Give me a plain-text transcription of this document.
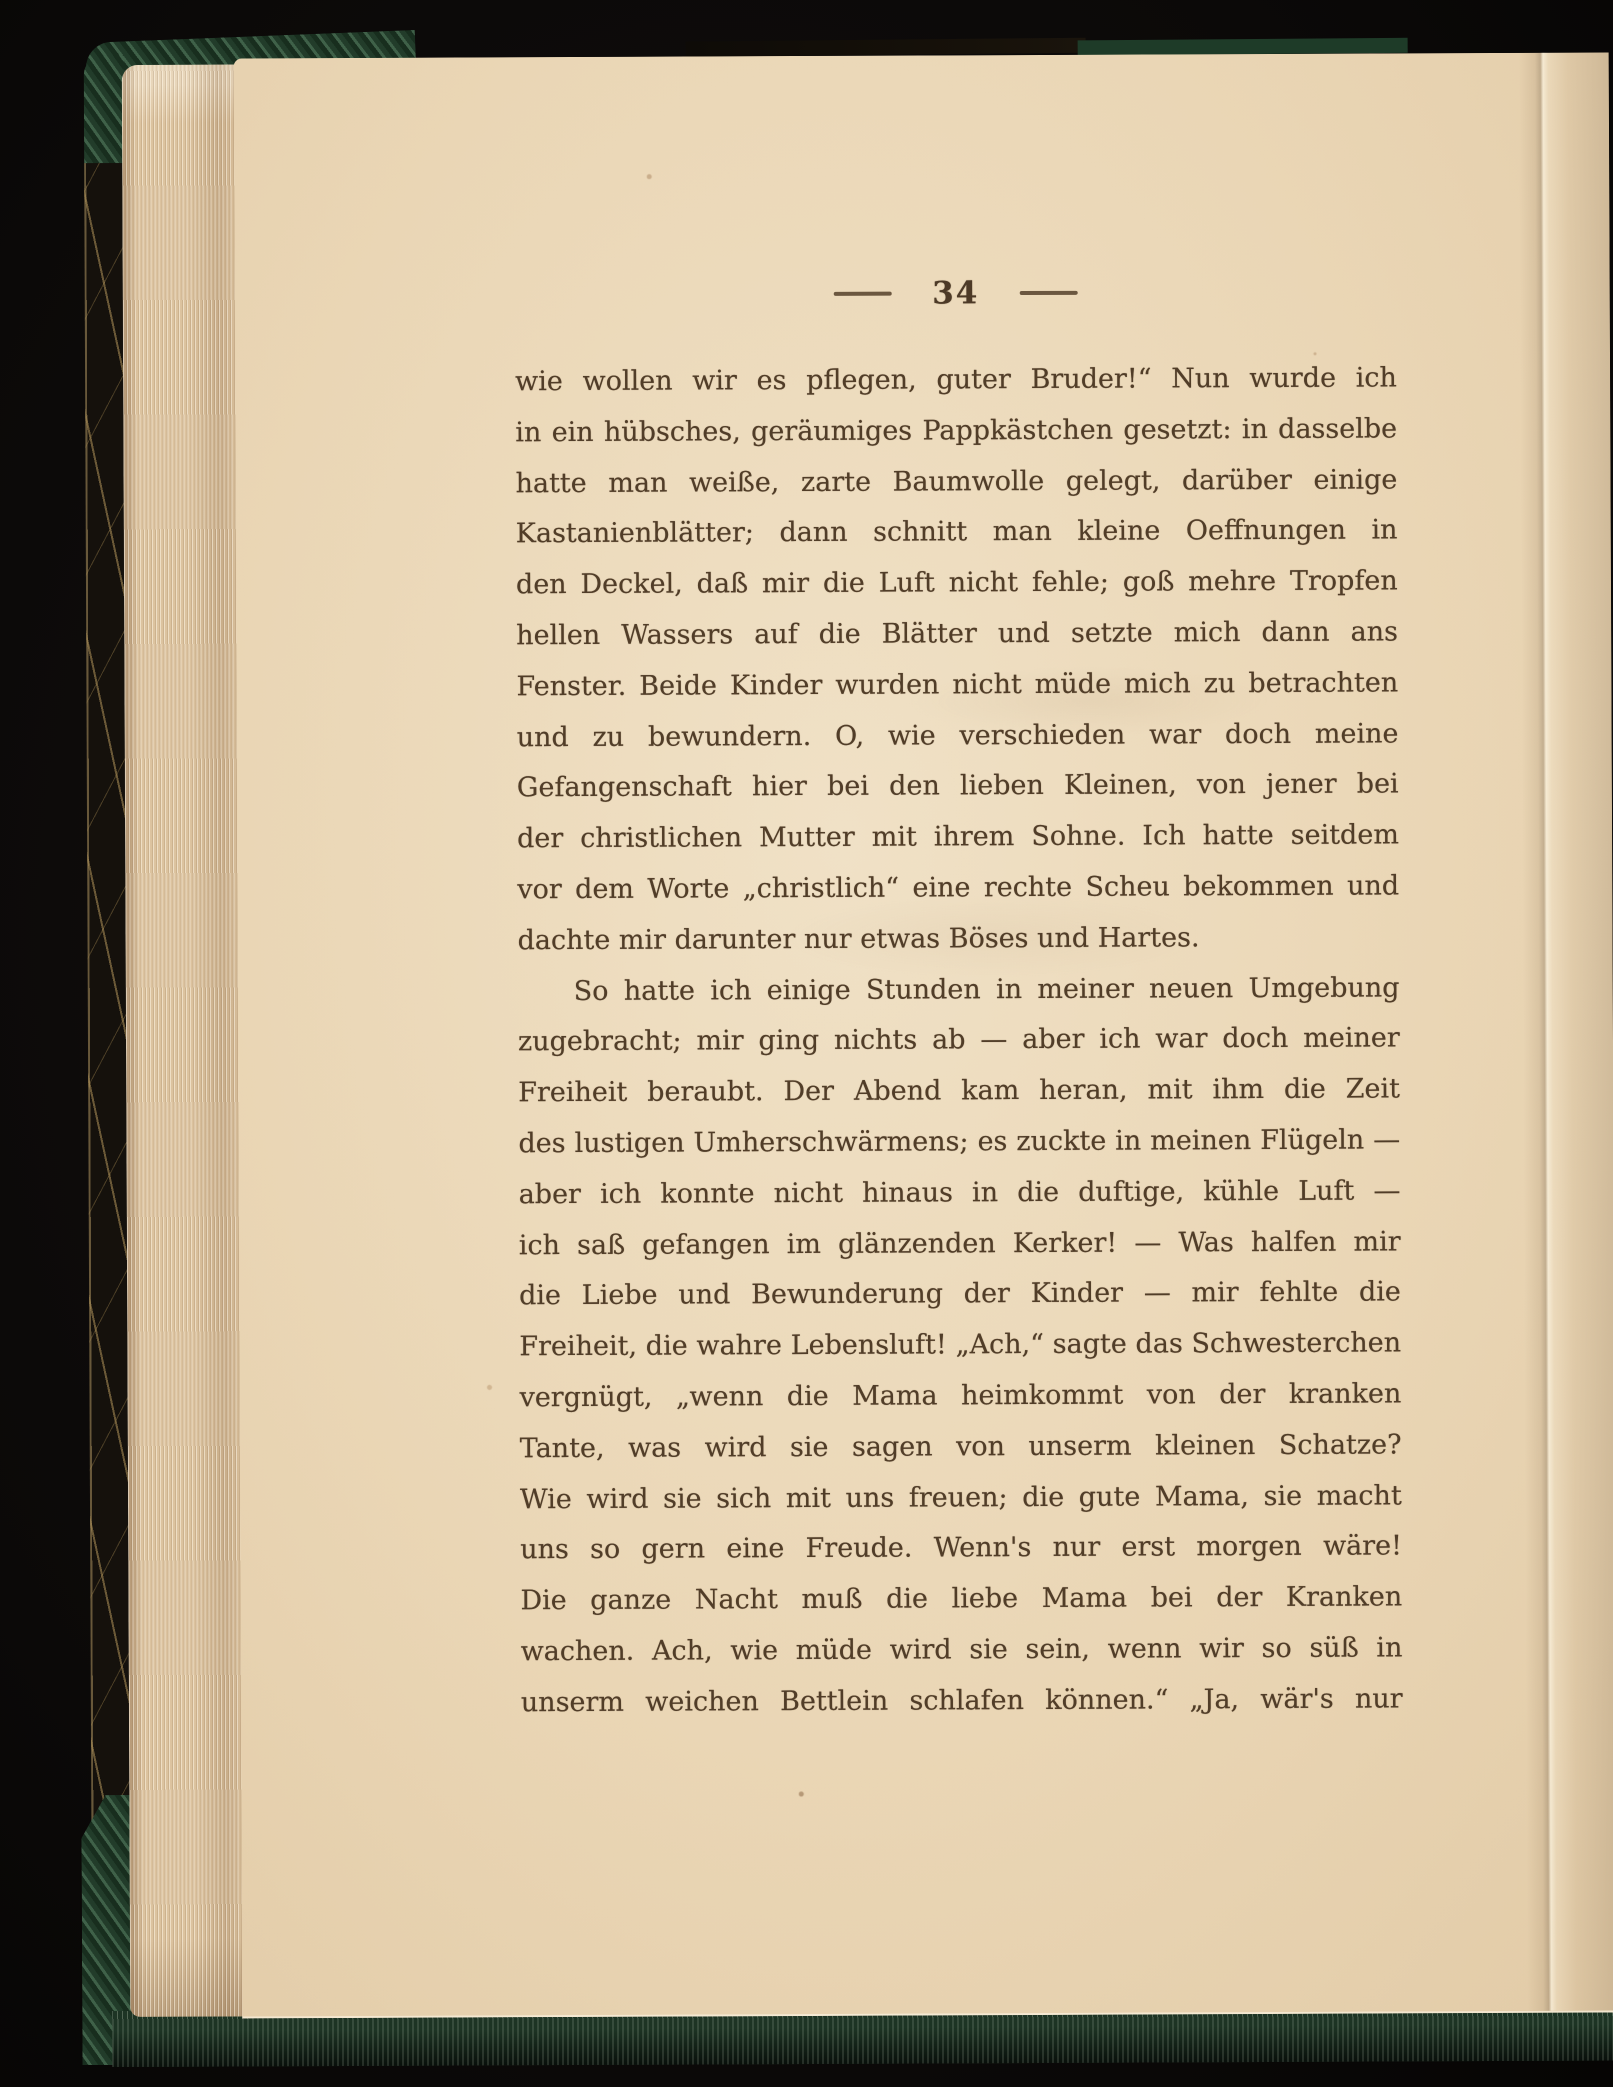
34
wie wollen wir es pflegen, guter Bruder!“ Nun wurde ich
in ein hübsches, geräumiges Pappkästchen gesetzt: in dasselbe
hatte man weiße, zarte Baumwolle gelegt, darüber einige
Kastanienblätter; dann schnitt man kleine Oeffnungen in
den Deckel, daß mir die Luft nicht fehle; goß mehre Tropfen
hellen Wassers auf die Blätter und setzte mich dann ans
Fenster. Beide Kinder wurden nicht müde mich zu betrachten
und zu bewundern. O, wie verschieden war doch meine
Gefangenschaft hier bei den lieben Kleinen, von jener bei
der christlichen Mutter mit ihrem Sohne. Ich hatte seitdem
vor dem Worte „christlich“ eine rechte Scheu bekommen und
dachte mir darunter nur etwas Böses und Hartes.
So hatte ich einige Stunden in meiner neuen Umgebung
zugebracht; mir ging nichts ab — aber ich war doch meiner
Freiheit beraubt. Der Abend kam heran, mit ihm die Zeit
des lustigen Umherschwärmens; es zuckte in meinen Flügeln —
aber ich konnte nicht hinaus in die duftige, kühle Luft —
ich saß gefangen im glänzenden Kerker! — Was halfen mir
die Liebe und Bewunderung der Kinder — mir fehlte die
Freiheit, die wahre Lebensluft! „Ach,“ sagte das Schwesterchen
vergnügt, „wenn die Mama heimkommt von der kranken
Tante, was wird sie sagen von unserm kleinen Schatze?
Wie wird sie sich mit uns freuen; die gute Mama, sie macht
uns so gern eine Freude. Wenn's nur erst morgen wäre!
Die ganze Nacht muß die liebe Mama bei der Kranken
wachen. Ach, wie müde wird sie sein, wenn wir so süß in
unserm weichen Bettlein schlafen können.“ „Ja, wär's nur
